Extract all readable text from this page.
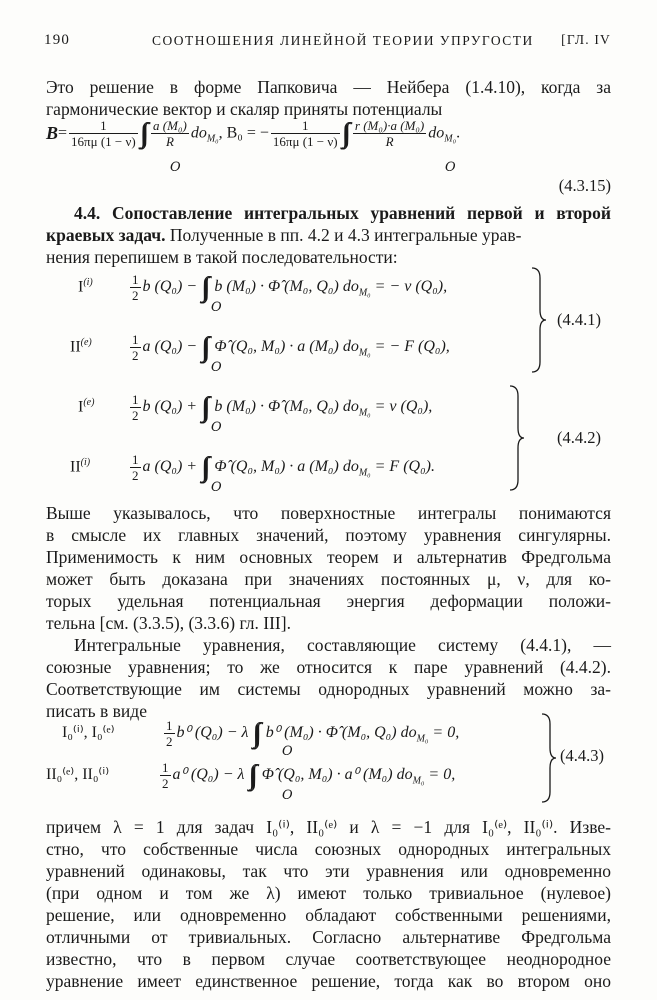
190	СООТНОШЕНИЯ ЛИНЕЙНОЙ ТЕОРИИ УПРУГОСТИ [ГЛ. IV
Это решение в форме Папковича — Нейбера (1.4.10), когда за
гармонические вектор и скаляр приняты потенциалы
$B= \frac{1}{16\pi\mu (1 - \nu)}$ ∫∫ $\frac{\text{a (M₀)}}{R} do_{M_0}$, B₀ = − $\frac{1}{16\pi\mu (1 - \nu)}$ ∫∫ $\frac{\text{r (M₀)·a (M₀)}}{R} do_{M_0}$.
O	O
(4.3.15)
4.4. Сопоставление интегральных уравнений первой и второй
краевых задач. Полученные в пп. 4.2 и 4.3 интегральные урав-
нения перепишем в такой последовательности:
$I^{(i)}$	$\frac{1}{2}$ b (Q₀) − ∫∫ b (M₀) · Φ̂ (M₀, Q₀) $do_{M_0}$ = − v (Q₀),
O
II$^{(e)}$	$\frac{1}{2}$ a (Q₀) − ∫∫ Φ̂ (Q₀, M₀) · a (M₀) $do_{M_0}$ = − F (Q₀),
O
(4.4.1)
$I^{(e)}$	$\frac{1}{2}$ b (Q₀) + ∫∫ b (M₀) · Φ̂ (M₀, Q₀) $do_{M_0} = v$ (Q₀),
O
II$^{(i)}$	$\frac{1}{2}$ a (Q₀) + ∫∫ Φ̂ (Q₀, M₀) · a (M₀) $do_{M_0} = F$ (Q₀).
O
(4.4.2)
Выше указывалось, что поверхностные интегралы понимаются
в смысле их главных значений, поэтому уравнения сингулярны.
Применимость к ним основных теорем и альтернатив Фредгольма
может быть доказана при значениях постоянных μ, ν, для ко-
торых удельная потенциальная энергия деформации положи-
тельна [см. (3.3.5), (3.3.6) гл. III].
Интегральные уравнения, составляющие систему (4.4.1), —
союзные уравнения; то же относится к паре уравнений (4.4.2).
Соответствующие им системы однородных уравнений можно за-
писать в виде
I₀⁽ⁱ⁾, I₀⁽ᵉ⁾	$\frac{1}{2} b^0$ (Q₀) − λ ∫∫ b⁰ (M₀) · Φ̂ (M₀, Q₀) $do_{M_0} = 0$,
O
II₀⁽ᵉ⁾, II₀⁽ⁱ⁾	$\frac{1}{2} a^0$ (Q₀) − λ ∫∫ Φ̂ (Q₀, M₀) · a⁰ (M₀) $do_{M_0} = 0$,
O
(4.4.3)
причем λ = 1 для задач I₀⁽ⁱ⁾, II₀⁽ᵉ⁾ и λ = −1 для I₀⁽ᵉ⁾, II₀⁽ⁱ⁾. Изве-
стно, что собственные числа союзных однородных интегральных
уравнений одинаковы, так что эти уравнения или одновременно
(при одном и том же λ) имеют только тривиальное (нулевое)
решение, или одновременно обладают собственными решениями,
отличными от тривиальных. Согласно альтернативе Фредгольма
известно, что в первом случае соответствующее неоднородное
уравнение имеет единственное решение, тогда как во втором оно
